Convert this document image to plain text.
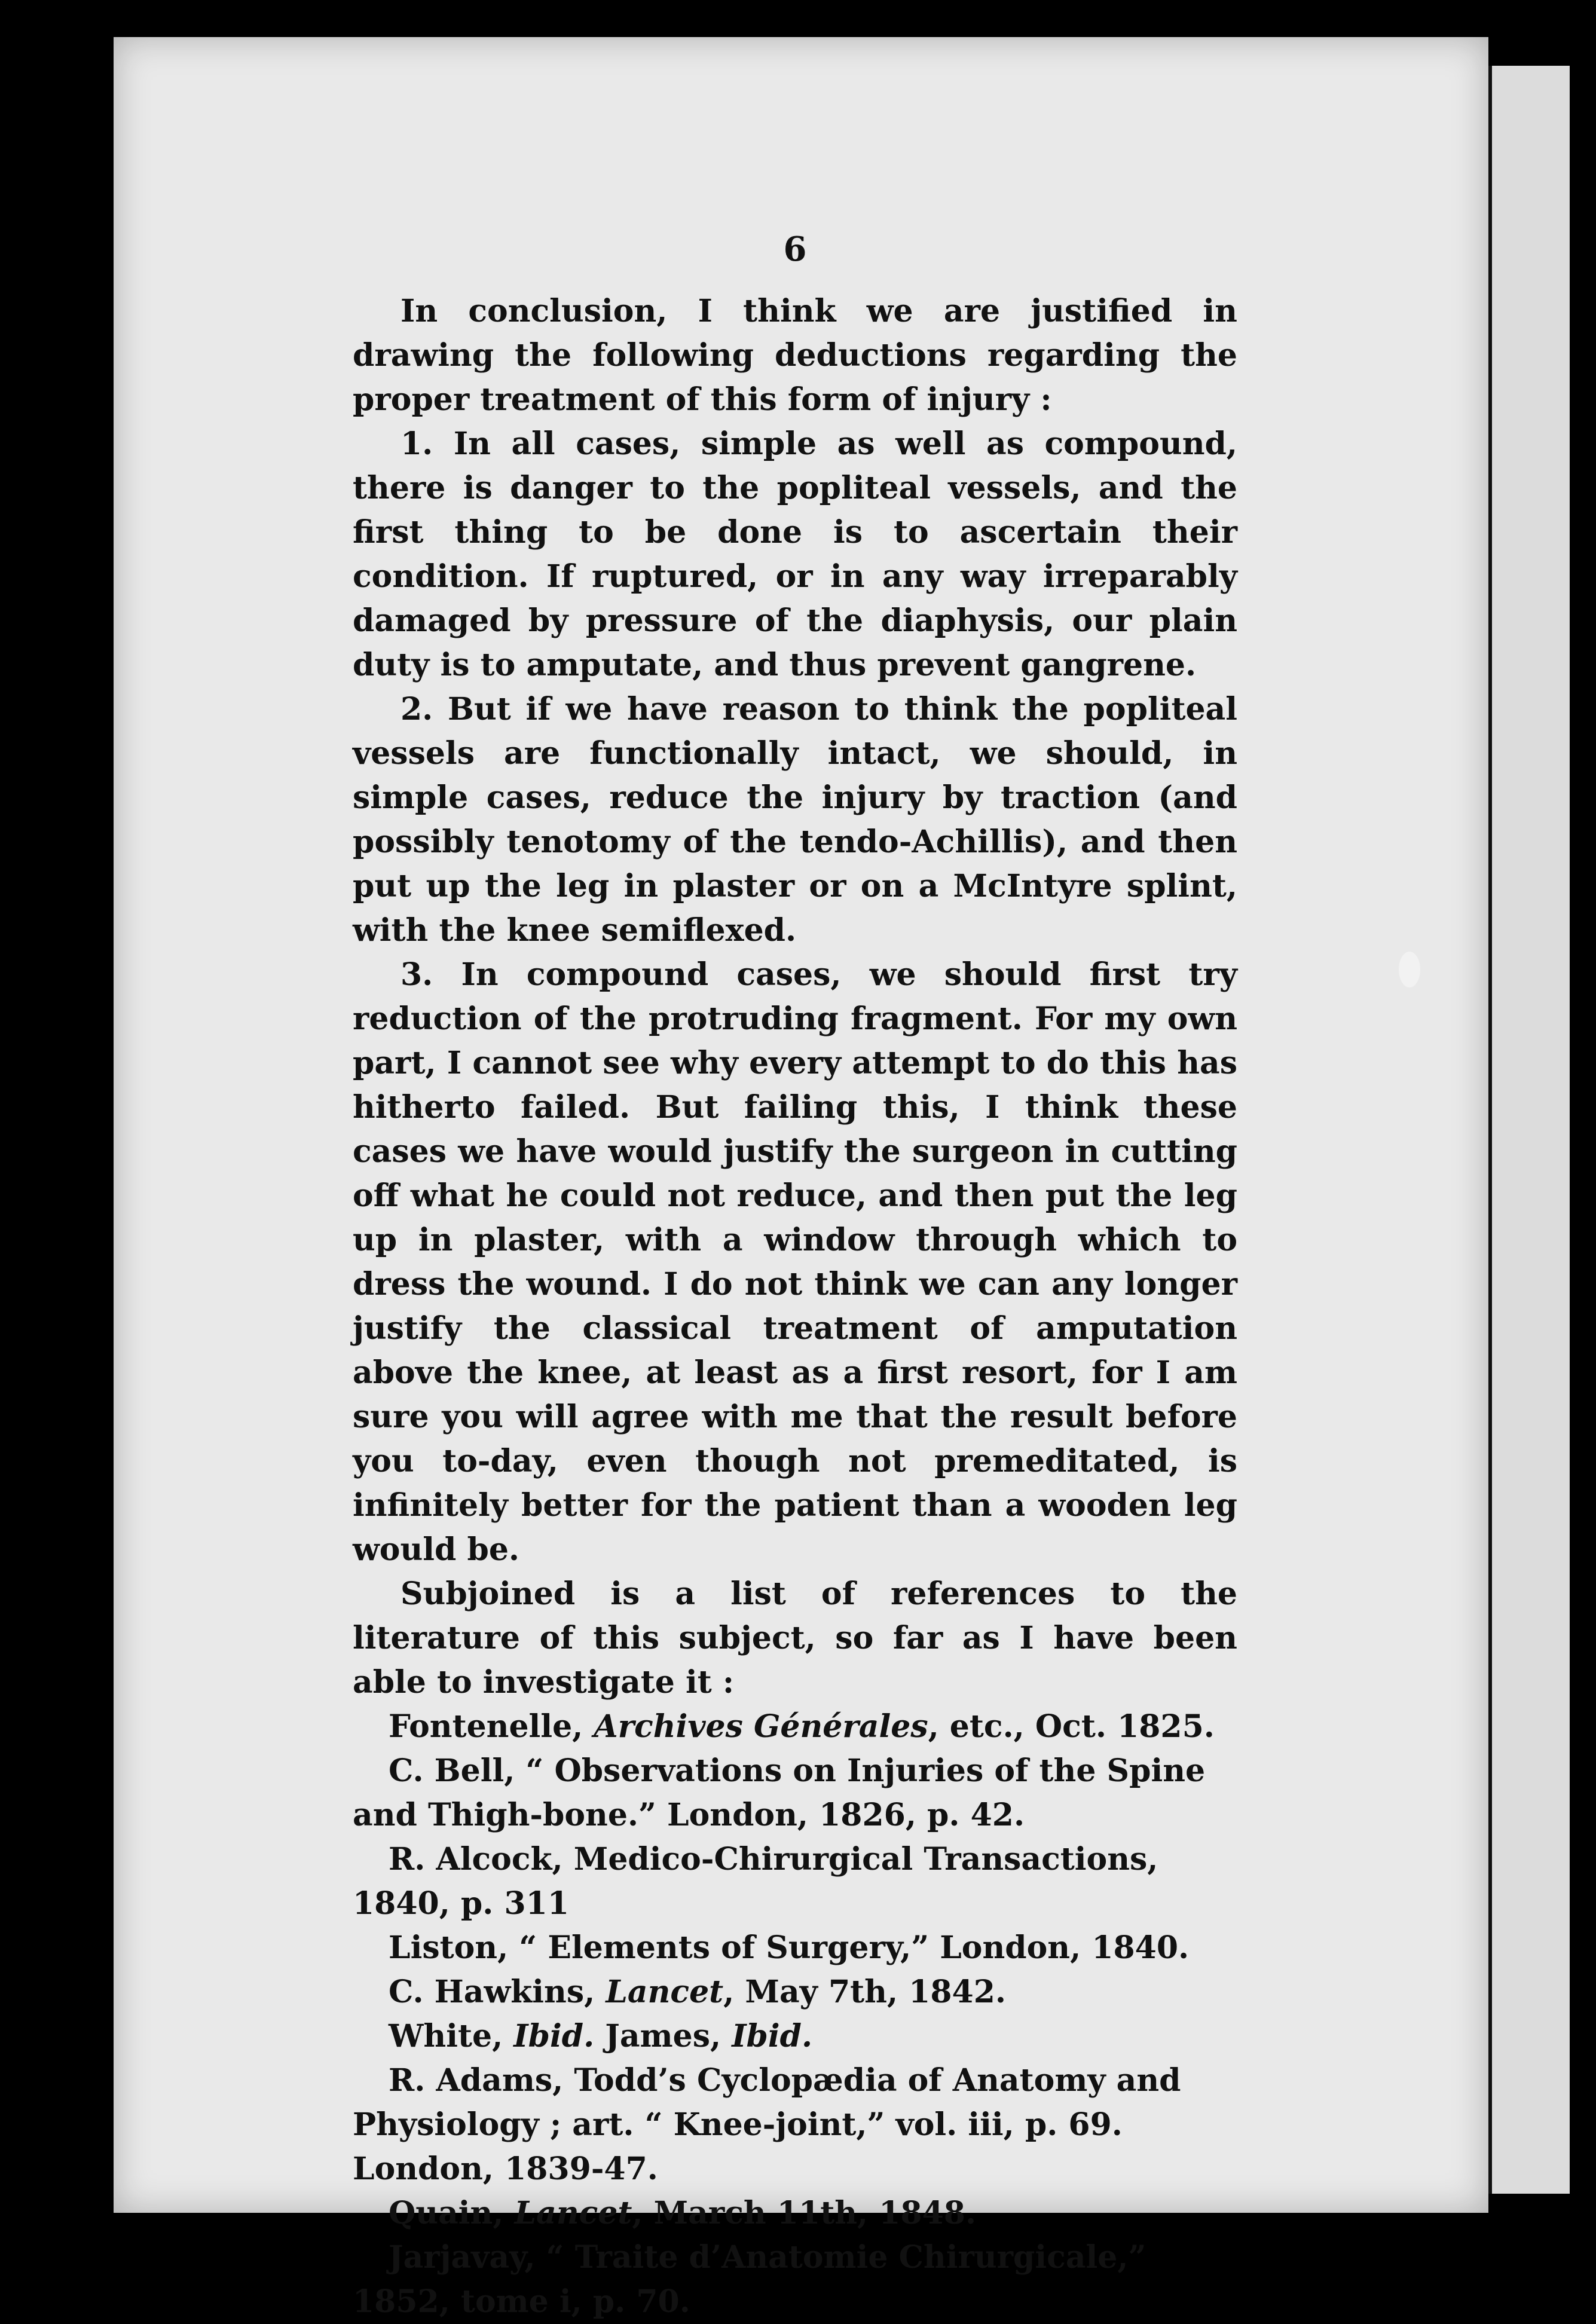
6

In conclusion, I think we are justified in drawing the following deductions regarding the proper treatment of this form of injury :

1. In all cases, simple as well as compound, there is danger to the popliteal vessels, and the first thing to be done is to ascertain their condition. If ruptured, or in any way irreparably damaged by pressure of the diaphysis, our plain duty is to amputate, and thus prevent gangrene.

2. But if we have reason to think the popliteal vessels are functionally intact, we should, in simple cases, reduce the injury by traction (and possibly tenotomy of the tendo-Achillis), and then put up the leg in plaster or on a McIntyre splint, with the knee semiflexed.

3. In compound cases, we should first try reduction of the protruding fragment. For my own part, I cannot see why every attempt to do this has hitherto failed. But failing this, I think these cases we have would justify the surgeon in cutting off what he could not reduce, and then put the leg up in plaster, with a window through which to dress the wound. I do not think we can any longer justify the classical treatment of amputation above the knee, at least as a first resort, for I am sure you will agree with me that the result before you to-day, even though not premeditated, is infinitely better for the patient than a wooden leg would be.

Subjoined is a list of references to the literature of this subject, so far as I have been able to investigate it :

Fontenelle, Archives Générales, etc., Oct. 1825.

C. Bell, “ Observations on Injuries of the Spine and Thigh-bone.” London, 1826, p. 42.

R. Alcock, Medico-Chirurgical Transactions, 1840, p. 311

Liston, “ Elements of Surgery,” London, 1840.

C. Hawkins, Lancet, May 7th, 1842.

White, Ibid. James, Ibid.

R. Adams, Todd’s Cyclopædia of Anatomy and Physiology ; art. “ Knee-joint,” vol. iii, p. 69. London, 1839-47.

Quain, Lancet, March 11th, 1848.

Jarjavay, “ Traite d’Anatomie Chirurgicale,” 1852, tome i, p. 70.
